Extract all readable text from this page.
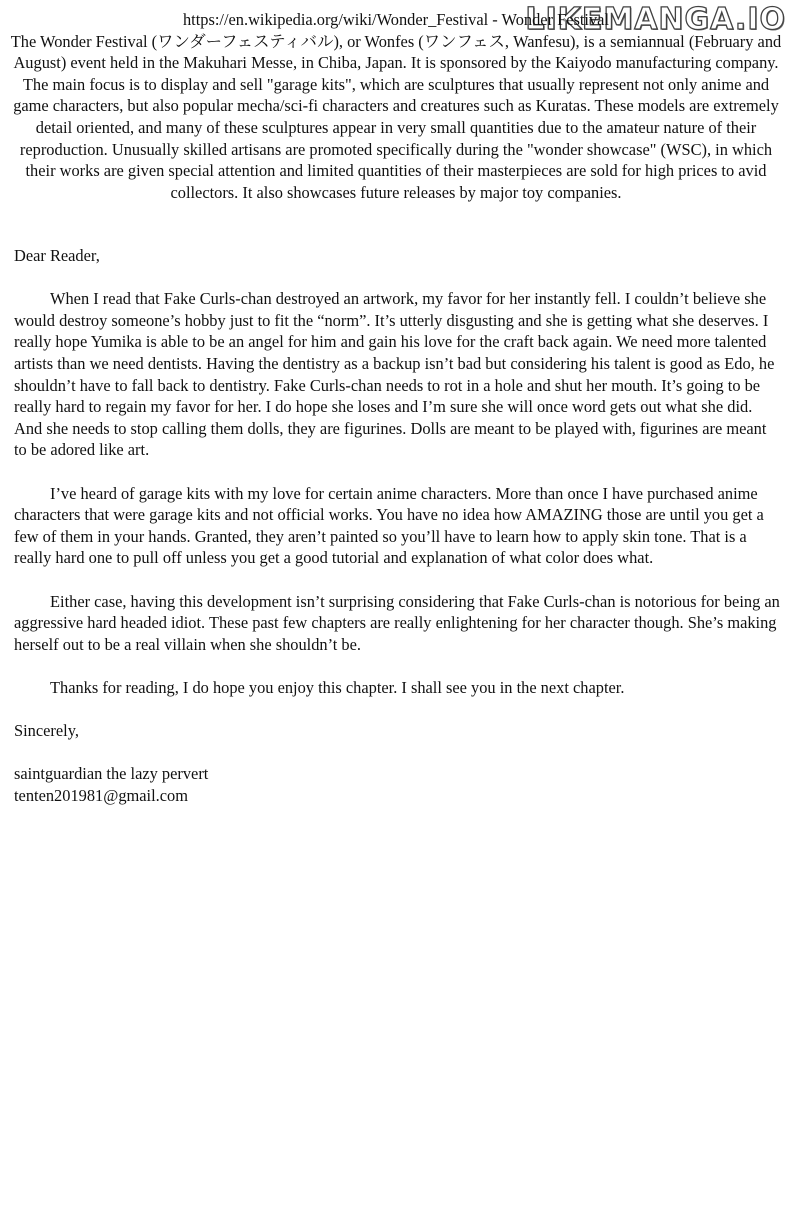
LIKEMANGA.IO

https://en.wikipedia.org/wiki/Wonder_Festival - Wonder Festival

The Wonder Festival (ワンダーフェスティバル), or Wonfes (ワンフェス, Wanfesu), is a semiannual (February and August) event held in the Makuhari Messe, in Chiba, Japan. It is sponsored by the Kaiyodo manufacturing company. The main focus is to display and sell "garage kits", which are sculptures that usually represent not only anime and game characters, but also popular mecha/sci-fi characters and creatures such as Kuratas. These models are extremely detail oriented, and many of these sculptures appear in very small quantities due to the amateur nature of their reproduction. Unusually skilled artisans are promoted specifically during the "wonder showcase" (WSC), in which their works are given special attention and limited quantities of their masterpieces are sold for high prices to avid collectors. It also showcases future releases by major toy companies.

Dear Reader,

When I read that Fake Curls-chan destroyed an artwork, my favor for her instantly fell. I couldn’t believe she would destroy someone’s hobby just to fit the “norm”. It’s utterly disgusting and she is getting what she deserves. I really hope Yumika is able to be an angel for him and gain his love for the craft back again. We need more talented artists than we need dentists. Having the dentistry as a backup isn’t bad but considering his talent is good as Edo, he shouldn’t have to fall back to dentistry. Fake Curls-chan needs to rot in a hole and shut her mouth. It’s going to be really hard to regain my favor for her. I do hope she loses and I’m sure she will once word gets out what she did. And she needs to stop calling them dolls, they are figurines. Dolls are meant to be played with, figurines are meant to be adored like art.

I’ve heard of garage kits with my love for certain anime characters. More than once I have purchased anime characters that were garage kits and not official works. You have no idea how AMAZING those are until you get a few of them in your hands. Granted, they aren’t painted so you’ll have to learn how to apply skin tone. That is a really hard one to pull off unless you get a good tutorial and explanation of what color does what.

Either case, having this development isn’t surprising considering that Fake Curls-chan is notorious for being an aggressive hard headed idiot. These past few chapters are really enlightening for her character though. She’s making herself out to be a real villain when she shouldn’t be.

Thanks for reading, I do hope you enjoy this chapter. I shall see you in the next chapter.

Sincerely,

saintguardian the lazy pervert

tenten201981@gmail.com
